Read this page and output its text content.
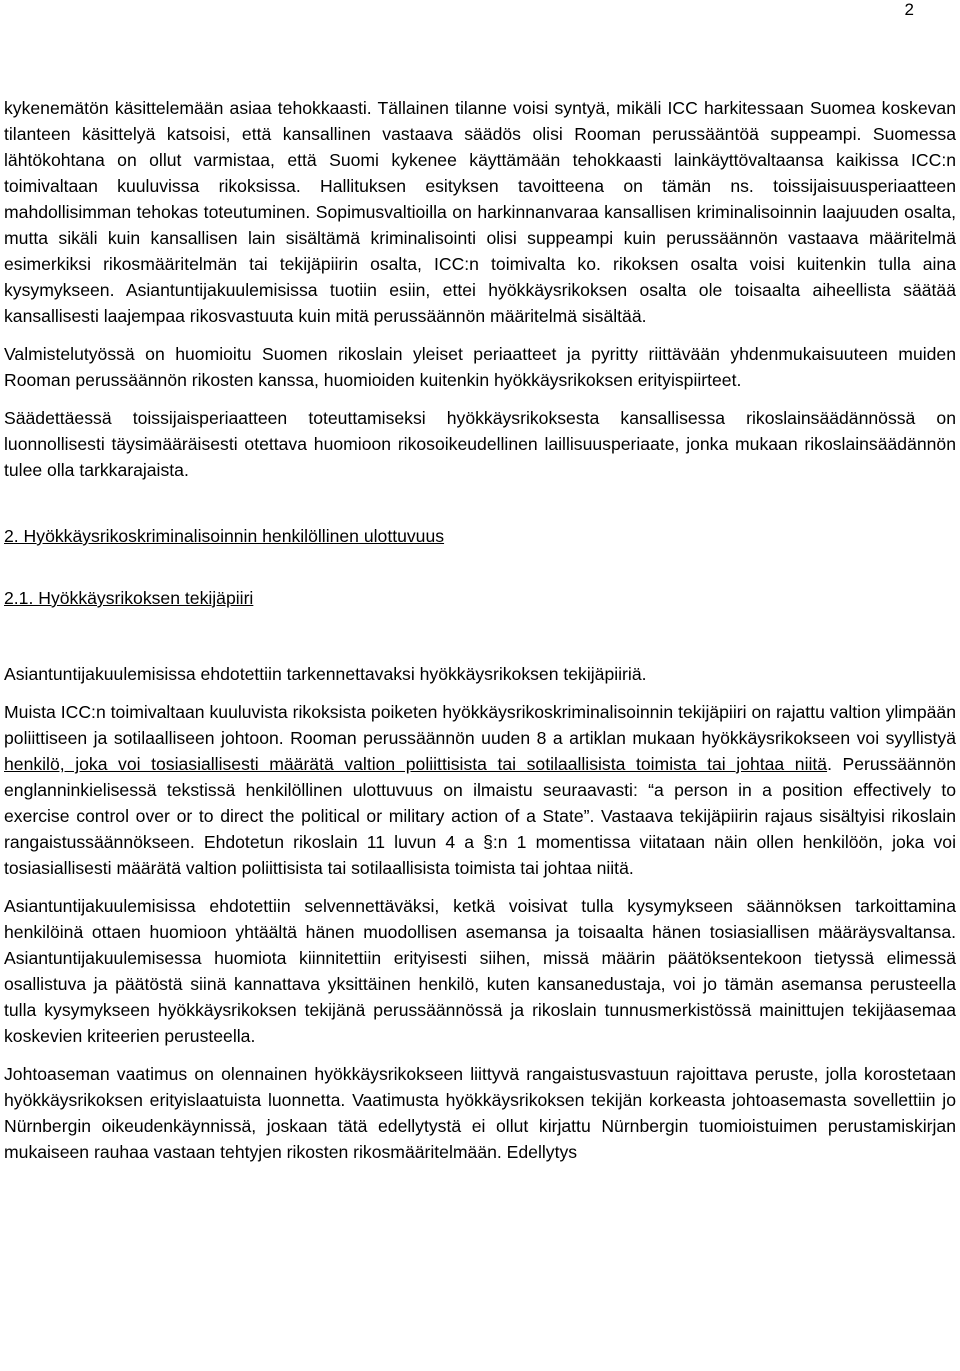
2

kykenemätön käsittelemään asiaa tehokkaasti. Tällainen tilanne voisi syntyä, mikäli ICC harkitessaan Suomea koskevan tilanteen käsittelyä katsoisi, että kansallinen vastaava säädös olisi Rooman perussääntöä suppeampi. Suomessa lähtökohtana on ollut varmistaa, että Suomi kykenee käyttämään tehokkaasti lainkäyttövaltaansa kaikissa ICC:n toimivaltaan kuuluvissa rikoksissa. Hallituksen esityksen tavoitteena on tämän ns. toissijaisuusperiaatteen mahdollisimman tehokas toteutuminen. Sopimusvaltioilla on harkinnanvaraa kansallisen kriminalisoinnin laajuuden osalta, mutta sikäli kuin kansallisen lain sisältämä kriminalisointi olisi suppeampi kuin perussäännön vastaava määritelmä esimerkiksi rikosmääritelmän tai tekijäpiirin osalta, ICC:n toimivalta ko. rikoksen osalta voisi kuitenkin tulla aina kysymykseen. Asiantuntijakuulemisissa tuotiin esiin, ettei hyökkäysrikoksen osalta ole toisaalta aiheellista säätää kansallisesti laajempaa rikosvastuuta kuin mitä perussäännön määritelmä sisältää.

Valmistelutyössä on huomioitu Suomen rikoslain yleiset periaatteet ja pyritty riittävään yhdenmukaisuuteen muiden Rooman perussäännön rikosten kanssa, huomioiden kuitenkin hyökkäysrikoksen erityispiirteet.

Säädettäessä toissijaisperiaatteen toteuttamiseksi hyökkäysrikoksesta kansallisessa rikoslainsäädännössä on luonnollisesti täysimääräisesti otettava huomioon rikosoikeudellinen laillisuusperiaate, jonka mukaan rikoslainsäädännön tulee olla tarkkarajaista.

2. Hyökkäysrikoskriminalisoinnin henkilöllinen ulottuvuus

2.1. Hyökkäysrikoksen tekijäpiiri

Asiantuntijakuulemisissa ehdotettiin tarkennettavaksi hyökkäysrikoksen tekijäpiiriä.

Muista ICC:n toimivaltaan kuuluvista rikoksista poiketen hyökkäysrikoskriminalisoinnin tekijäpiiri on rajattu valtion ylimpään poliittiseen ja sotilaalliseen johtoon. Rooman perussäännön uuden 8 a artiklan mukaan hyökkäysrikokseen voi syyllistyä henkilö, joka voi tosiasiallisesti määrätä valtion poliittisista tai sotilaallisista toimista tai johtaa niitä. Perussäännön englanninkielisessä tekstissä henkilöllinen ulottuvuus on ilmaistu seuraavasti: “a person in a position effectively to exercise control over or to direct the political or military action of a State”. Vastaava tekijäpiirin rajaus sisältyisi rikoslain rangaistussäännökseen. Ehdotetun rikoslain 11 luvun 4 a §:n 1 momentissa viitataan näin ollen henkilöön, joka voi tosiasiallisesti määrätä valtion poliittisista tai sotilaallisista toimista tai johtaa niitä.

Asiantuntijakuulemisissa ehdotettiin selvennettäväksi, ketkä voisivat tulla kysymykseen säännöksen tarkoittamina henkilöinä ottaen huomioon yhtäältä hänen muodollisen asemansa ja toisaalta hänen tosiasiallisen määräysvaltansa. Asiantuntijakuulemisessa huomiota kiinnitettiin erityisesti siihen, missä määrin päätöksentekoon tietyssä elimessä osallistuva ja päätöstä siinä kannattava yksittäinen henkilö, kuten kansanedustaja, voi jo tämän asemansa perusteella tulla kysymykseen hyökkäysrikoksen tekijänä perussäännössä ja rikoslain tunnusmerkistössä mainittujen tekijäasemaa koskevien kriteerien perusteella.

Johtoaseman vaatimus on olennainen hyökkäysrikokseen liittyvä rangaistusvastuun rajoittava peruste, jolla korostetaan hyökkäysrikoksen erityislaatuista luonnetta. Vaatimusta hyökkäysrikoksen tekijän korkeasta johtoasemasta sovellettiin jo Nürnbergin oikeudenkäynnissä, joskaan tätä edellytystä ei ollut kirjattu Nürnbergin tuomioistuimen perustamiskirjan mukaiseen rauhaa vastaan tehtyjen rikosten rikosmääritelmään. Edellytys
